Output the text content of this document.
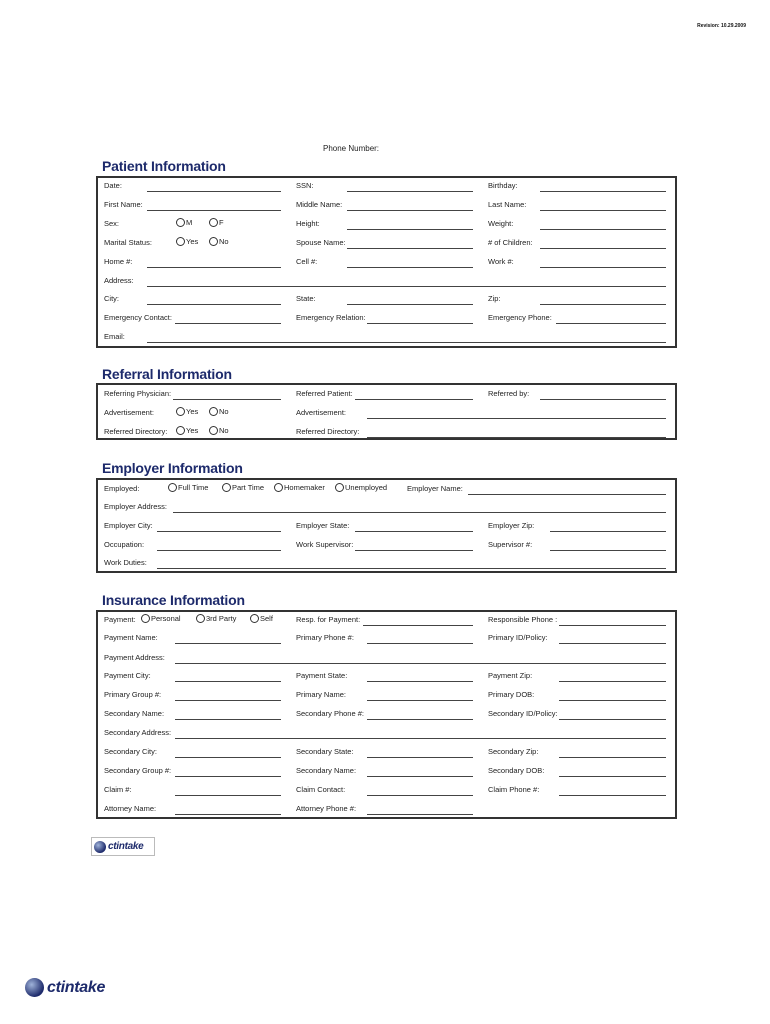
Revision: 10.29.2009
Phone Number:
Patient Information
Date:	SSN:	Birthday:
First Name:	Middle Name:	Last Name:
Sex:	M	F	Height:	Weight:
Marital Status:	Yes	No	Spouse Name:	# of Children:
Home #:	Cell #:	Work #:
Address:
City:	State:	Zip:
Emergency Contact:	Emergency Relation:	Emergency Phone:
Email:
Referral Information
Referring Physician:	Referred Patient:	Referred by:
Advertisement:	Yes	No	Advertisement:
Referred Directory: Yes	No	Referred Directory:
Employer Information
Employed:	Full Time	Part Time	Homemaker	Unemployed	Employer Name:
Employer Address:
Employer City:	Employer State:	Employer Zip:
Occupation:	Work Supervisor:	Supervisor #:
Work Duties:
Insurance Information
Payment: Personal	3rd Party	Self	Resp. for Payment:	Responsible Phone :
Payment Name:	Primary Phone #:	Primary ID/Policy:
Payment Address:
Payment City:	Payment State:	Payment Zip:
Primary Group #:	Primary Name:	Primary DOB:
Secondary Name:	Secondary Phone #:	Secondary ID/Policy:
Secondary Address:
Secondary City:	Secondary State:	Secondary Zip:
Secondary Group #:	Secondary Name:	Secondary DOB:
Claim #:	Claim Contact:	Claim Phone #:
Attorney Name:	Attorney Phone #:
ctintake
ctintake
